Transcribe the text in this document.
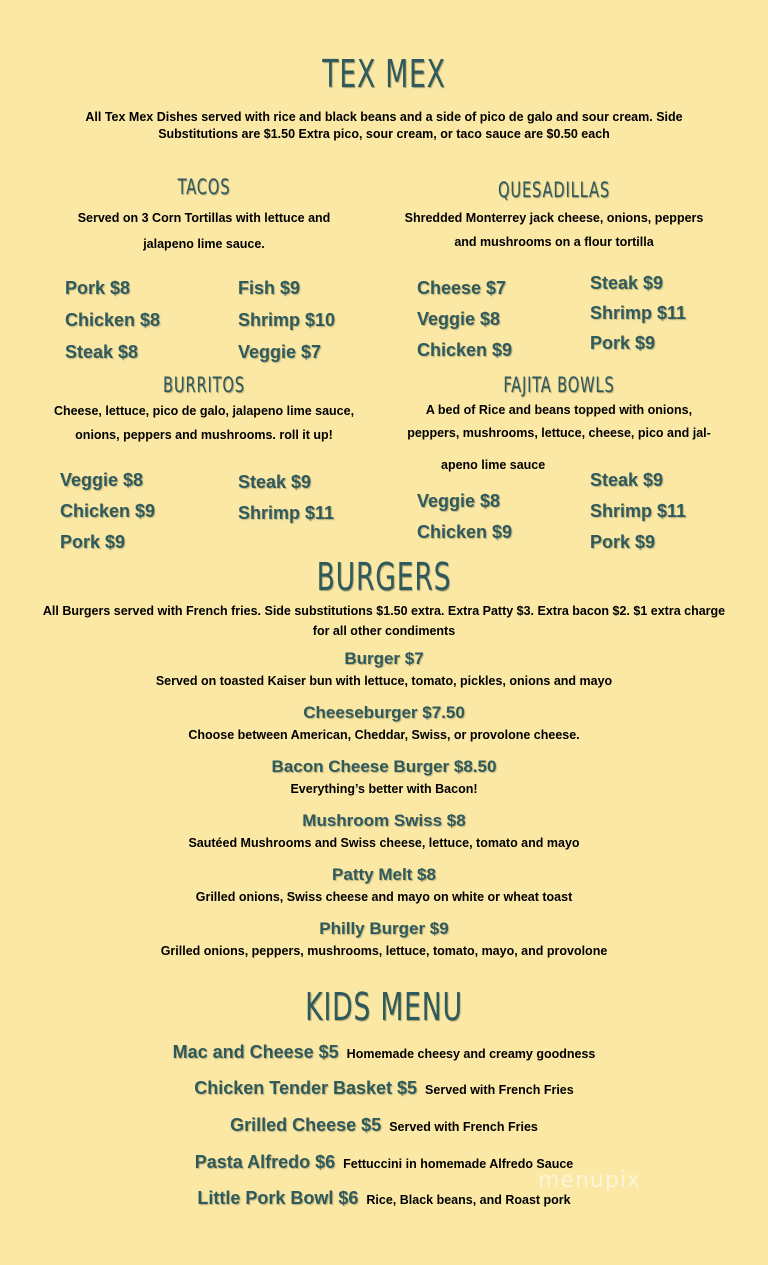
TEX MEX
All Tex Mex Dishes served with rice and black beans and a side of pico de galo and sour cream. Side
Substitutions are $1.50 Extra pico, sour cream, or taco sauce are $0.50 each
TACOS
Served on 3 Corn Tortillas with lettuce and
jalapeno lime sauce.
Pork $8
Chicken $8
Steak $8
Fish $9
Shrimp $10
Veggie $7
QUESADILLAS
Shredded Monterrey jack cheese, onions, peppers
and mushrooms on a flour tortilla
Cheese $7
Veggie $8
Chicken $9
Steak $9
Shrimp $11
Pork $9
BURRITOS
Cheese, lettuce, pico de galo, jalapeno lime sauce,
onions, peppers and mushrooms. roll it up!
Veggie $8
Chicken $9
Pork $9
Steak $9
Shrimp $11
FAJITA BOWLS
A bed of Rice and beans topped with onions,
peppers, mushrooms, lettuce, cheese, pico and jal-
apeno lime sauce
Veggie $8
Chicken $9
Steak $9
Shrimp $11
Pork $9
BURGERS
All Burgers served with French fries. Side substitutions $1.50 extra. Extra Patty $3. Extra bacon $2. $1 extra charge
for all other condiments
Burger $7
Served on toasted Kaiser bun with lettuce, tomato, pickles, onions and mayo
Cheeseburger $7.50
Choose between American, Cheddar, Swiss, or provolone cheese.
Bacon Cheese Burger $8.50
Everything’s better with Bacon!
Mushroom Swiss $8
Sautéed Mushrooms and Swiss cheese, lettuce, tomato and mayo
Patty Melt $8
Grilled onions, Swiss cheese and mayo on white or wheat toast
Philly Burger $9
Grilled onions, peppers, mushrooms, lettuce, tomato, mayo, and provolone
KIDS MENU
Mac and Cheese $5 Homemade cheesy and creamy goodness
Chicken Tender Basket $5 Served with French Fries
Grilled Cheese $5 Served with French Fries
Pasta Alfredo $6 Fettuccini in homemade Alfredo Sauce
Little Pork Bowl $6 Rice, Black beans, and Roast pork
menupix
